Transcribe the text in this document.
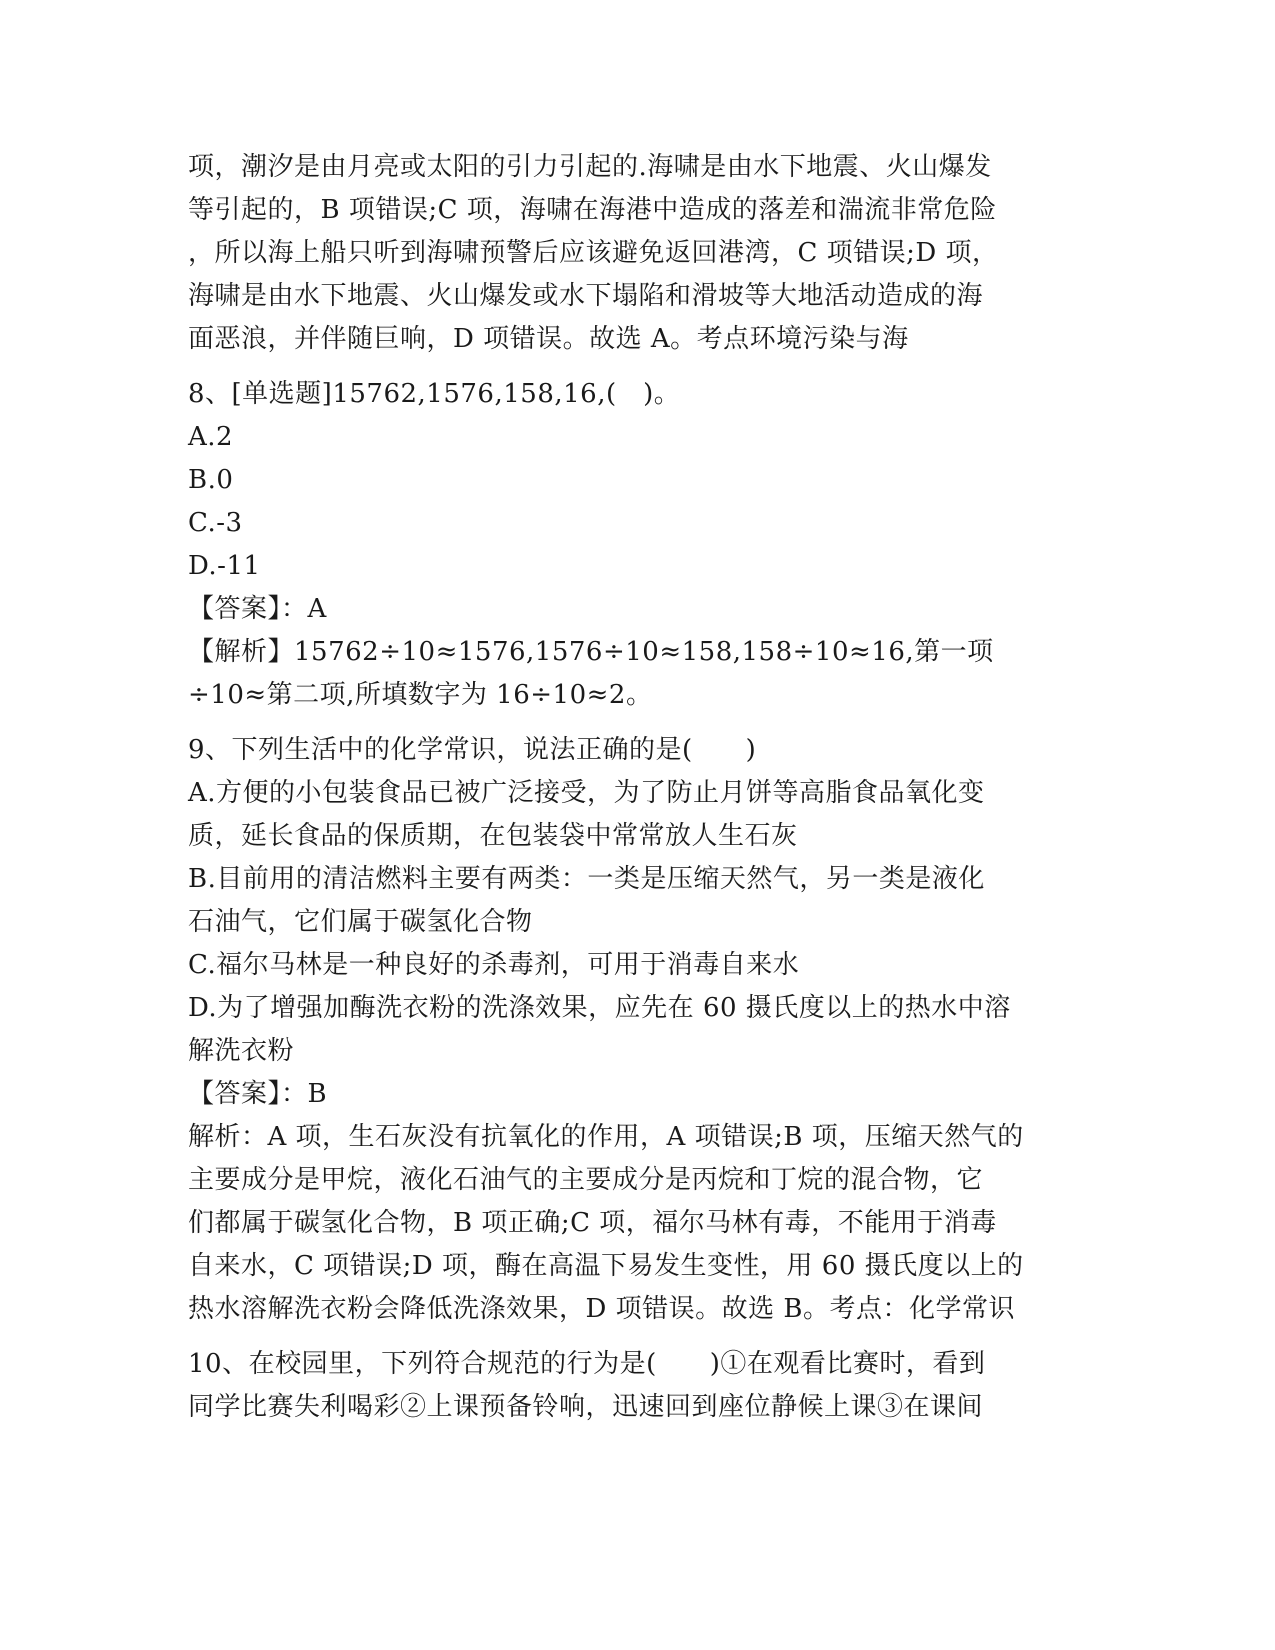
项，潮汐是由月亮或太阳的引力引起的.海啸是由水下地震、火山爆发
等引起的，B 项错误;C 项，海啸在海港中造成的落差和湍流非常危险
，所以海上船只听到海啸预警后应该避免返回港湾，C 项错误;D 项，
海啸是由水下地震、火山爆发或水下塌陷和滑坡等大地活动造成的海
面恶浪，并伴随巨响，D 项错误。故选 A。考点环境污染与海
8、[单选题]15762,1576,158,16,(　)。
A.2
B.0
C.-3
D.-11
【答案】：A
【解析】15762÷10≈1576,1576÷10≈158,158÷10≈16,第一项
÷10≈第二项,所填数字为 16÷10≈2。
9、下列生活中的化学常识，说法正确的是(　　)
A.方便的小包装食品已被广泛接受，为了防止月饼等高脂食品氧化变
质，延长食品的保质期，在包装袋中常常放人生石灰
B.目前用的清洁燃料主要有两类：一类是压缩天然气，另一类是液化
石油气，它们属于碳氢化合物
C.福尔马林是一种良好的杀毒剂，可用于消毒自来水
D.为了增强加酶洗衣粉的洗涤效果，应先在 60 摄氏度以上的热水中溶
解洗衣粉
【答案】：B
解析：A 项，生石灰没有抗氧化的作用，A 项错误;B 项，压缩天然气的
主要成分是甲烷，液化石油气的主要成分是丙烷和丁烷的混合物，它
们都属于碳氢化合物，B 项正确;C 项，福尔马林有毒，不能用于消毒
自来水，C 项错误;D 项，酶在高温下易发生变性，用 60 摄氏度以上的
热水溶解洗衣粉会降低洗涤效果，D 项错误。故选 B。考点：化学常识
10、在校园里，下列符合规范的行为是(　　)①在观看比赛时，看到
同学比赛失利喝彩②上课预备铃响，迅速回到座位静候上课③在课间
